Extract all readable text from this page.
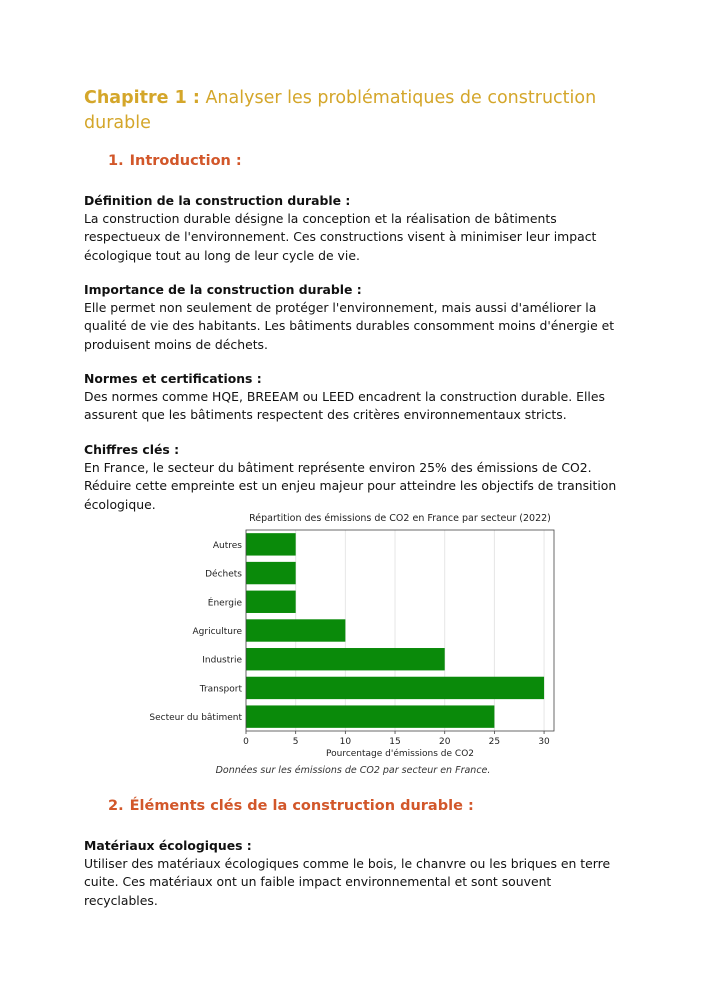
Chapitre 1 : Analyser les problématiques de construction durable
1. Introduction :
Définition de la construction durable :
La construction durable désigne la conception et la réalisation de bâtiments respectueux de l'environnement. Ces constructions visent à minimiser leur impact écologique tout au long de leur cycle de vie.
Importance de la construction durable :
Elle permet non seulement de protéger l'environnement, mais aussi d'améliorer la qualité de vie des habitants. Les bâtiments durables consomment moins d'énergie et produisent moins de déchets.
Normes et certifications :
Des normes comme HQE, BREEAM ou LEED encadrent la construction durable. Elles assurent que les bâtiments respectent des critères environnementaux stricts.
Chiffres clés :
En France, le secteur du bâtiment représente environ 25% des émissions de CO2. Réduire cette empreinte est un enjeu majeur pour atteindre les objectifs de transition écologique.
Répartition des émissions de CO2 en France par secteur (2022)
Autres
Déchets
Énergie
Agriculture
Industrie
Transport
Secteur du bâtiment
0	5	10	15	20	25	30
Pourcentage d'émissions de CO2
Données sur les émissions de CO2 par secteur en France.
2. Éléments clés de la construction durable :
Matériaux écologiques :
Utiliser des matériaux écologiques comme le bois, le chanvre ou les briques en terre cuite. Ces matériaux ont un faible impact environnemental et sont souvent recyclables.
